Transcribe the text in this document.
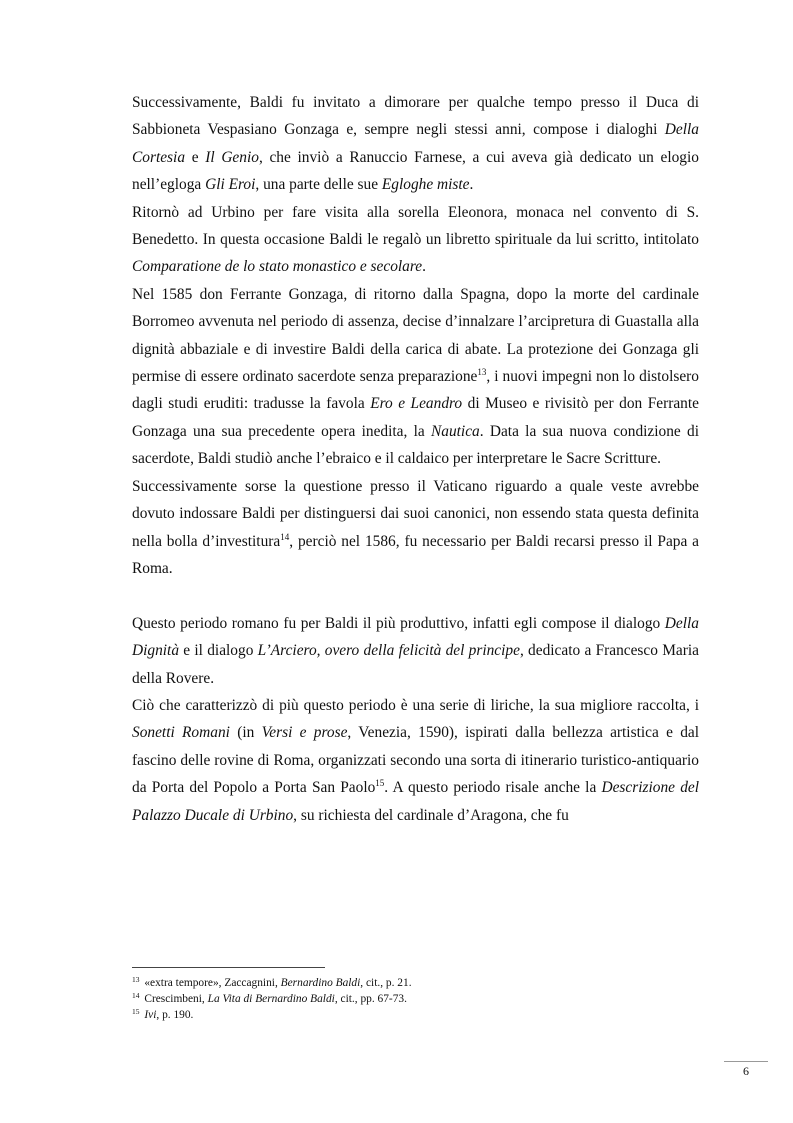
Successivamente, Baldi fu invitato a dimorare per qualche tempo presso il Duca di Sabbioneta Vespasiano Gonzaga e, sempre negli stessi anni, compose i dialoghi Della Cortesia e Il Genio, che inviò a Ranuccio Farnese, a cui aveva già dedicato un elogio nell’egloga Gli Eroi, una parte delle sue Egloghe miste.

Ritornò ad Urbino per fare visita alla sorella Eleonora, monaca nel convento di S. Benedetto. In questa occasione Baldi le regalò un libretto spirituale da lui scritto, intitolato Comparatione de lo stato monastico e secolare.

Nel 1585 don Ferrante Gonzaga, di ritorno dalla Spagna, dopo la morte del cardinale Borromeo avvenuta nel periodo di assenza, decise d’innalzare l’arcipretura di Guastalla alla dignità abbaziale e di investire Baldi della carica di abate. La protezione dei Gonzaga gli permise di essere ordinato sacerdote senza preparazione$^{13}$, i nuovi impegni non lo distolsero dagli studi eruditi: tradusse la favola Ero e Leandro di Museo e rivisitò per don Ferrante Gonzaga una sua precedente opera inedita, la Nautica. Data la sua nuova condizione di sacerdote, Baldi studiò anche l’ebraico e il caldaico per interpretare le Sacre Scritture.

Successivamente sorse la questione presso il Vaticano riguardo a quale veste avrebbe dovuto indossare Baldi per distinguersi dai suoi canonici, non essendo stata questa definita nella bolla d’investitura$^{14}$, perciò nel 1586, fu necessario per Baldi recarsi presso il Papa a Roma.

Questo periodo romano fu per Baldi il più produttivo, infatti egli compose il dialogo Della Dignità e il dialogo L’Arciero, overo della felicità del principe, dedicato a Francesco Maria della Rovere.

Ciò che caratterizzò di più questo periodo è una serie di liriche, la sua migliore raccolta, i Sonetti Romani (in Versi e prose, Venezia, 1590), ispirati dalla bellezza artistica e dal fascino delle rovine di Roma, organizzati secondo una sorta di itinerario turistico-antiquario da Porta del Popolo a Porta San Paolo$^{15}$. A questo periodo risale anche la Descrizione del Palazzo Ducale di Urbino, su richiesta del cardinale d’Aragona, che fu

$^{13}$ «extra tempore», Zaccagnini, Bernardino Baldi, cit., p. 21.

$^{14}$ Crescimbeni, La Vita di Bernardino Baldi, cit., pp. 67-73.

$^{15}$ Ivi, p. 190.

6
